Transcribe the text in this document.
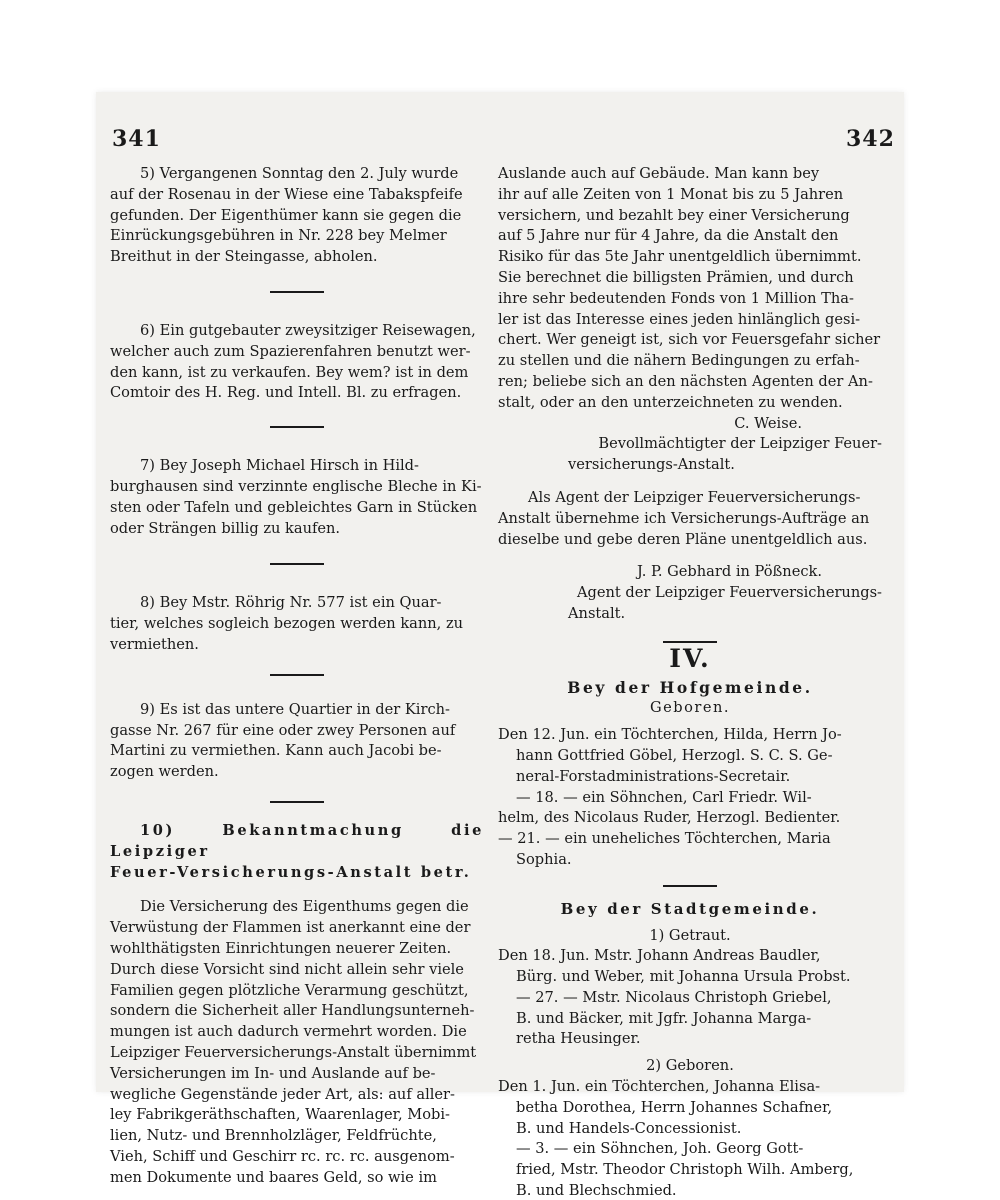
341	342

5) Vergangenen Sonntag den 2. July wurde

auf der Rosenau in der Wiese eine Tabakspfeife

gefunden. Der Eigenthümer kann sie gegen die

Einrückungsgebühren in Nr. 228 bey Melmer

Breithut in der Steingasse, abholen.

6) Ein gutgebauter zweysitziger Reisewagen,

welcher auch zum Spazierenfahren benutzt wer-

den kann, ist zu verkaufen. Bey wem? ist in dem

Comtoir des H. Reg. und Intell. Bl. zu erfragen.

7) Bey Joseph Michael Hirsch in Hild-

burghausen sind verzinnte englische Bleche in Ki-

sten oder Tafeln und gebleichtes Garn in Stücken

oder Strängen billig zu kaufen.

8) Bey Mstr. Röhrig Nr. 577 ist ein Quar-

tier, welches sogleich bezogen werden kann, zu

vermiethen.

9) Es ist das untere Quartier in der Kirch-

gasse Nr. 267 für eine oder zwey Personen auf

Martini zu vermiethen. Kann auch Jacobi be-

zogen werden.

10) Bekanntmachung die Leipziger

Feuer-Versicherungs-Anstalt betr.

Die Versicherung des Eigenthums gegen die

Verwüstung der Flammen ist anerkannt eine der

wohlthätigsten Einrichtungen neuerer Zeiten.

Durch diese Vorsicht sind nicht allein sehr viele

Familien gegen plötzliche Verarmung geschützt,

sondern die Sicherheit aller Handlungsunterneh-

mungen ist auch dadurch vermehrt worden. Die

Leipziger Feuerversicherungs-Anstalt übernimmt

Versicherungen im In- und Auslande auf be-

wegliche Gegenstände jeder Art, als: auf aller-

ley Fabrikgeräthschaften, Waarenlager, Mobi-

lien, Nutz- und Brennholzläger, Feldfrüchte,

Vieh, Schiff und Geschirr rc. rc. rc. ausgenom-

men Dokumente und baares Geld, so wie im

Auslande auch auf Gebäude. Man kann bey

ihr auf alle Zeiten von 1 Monat bis zu 5 Jahren

versichern, und bezahlt bey einer Versicherung

auf 5 Jahre nur für 4 Jahre, da die Anstalt den

Risiko für das 5te Jahr unentgeldlich übernimmt.

Sie berechnet die billigsten Prämien, und durch

ihre sehr bedeutenden Fonds von 1 Million Tha-

ler ist das Interesse eines jeden hinlänglich gesi-

chert. Wer geneigt ist, sich vor Feuersgefahr sicher

zu stellen und die nähern Bedingungen zu erfah-

ren; beliebe sich an den nächsten Agenten der An-

stalt, oder an den unterzeichneten zu wenden.

C. Weise.

Bevollmächtigter der Leipziger Feuer-

versicherungs-Anstalt.

Als Agent der Leipziger Feuerversicherungs-

Anstalt übernehme ich Versicherungs-Aufträge an

dieselbe und gebe deren Pläne unentgeldlich aus.

J. P. Gebhard in Pößneck.

Agent der Leipziger Feuerversicherungs-

Anstalt.

IV.

Bey der Hofgemeinde.

Geboren.

Den 12. Jun. ein Töchterchen, Hilda, Herrn Jo-

hann Gottfried Göbel, Herzogl. S. C. S. Ge-

neral-Forstadministrations-Secretair.

— 18. — ein Söhnchen, Carl Friedr. Wil-

helm, des Nicolaus Ruder, Herzogl. Bedienter.

— 21. — ein uneheliches Töchterchen, Maria

Sophia.

Bey der Stadtgemeinde.

1) Getraut.

Den 18. Jun. Mstr. Johann Andreas Baudler,

Bürg. und Weber, mit Johanna Ursula Probst.

— 27. — Mstr. Nicolaus Christoph Griebel,

B. und Bäcker, mit Jgfr. Johanna Marga-

retha Heusinger.

2) Geboren.

Den 1. Jun. ein Töchterchen, Johanna Elisa-

betha Dorothea, Herrn Johannes Schafner,

B. und Handels-Concessionist.

— 3. — ein Söhnchen, Joh. Georg Gott-

fried, Mstr. Theodor Christoph Wilh. Amberg,

B. und Blechschmied.
